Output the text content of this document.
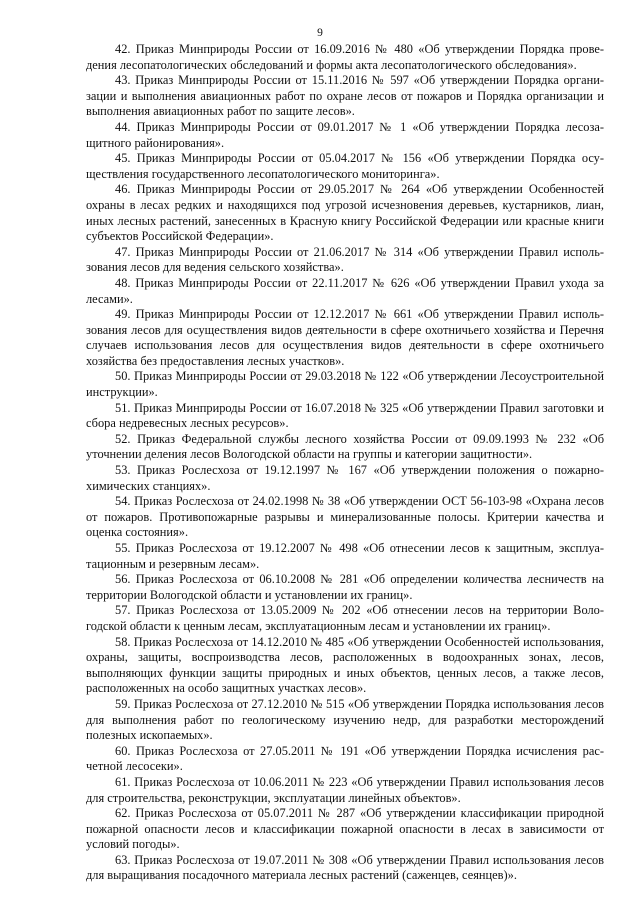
9

42. Приказ Минприроды России от 16.09.2016 № 480 «Об утверждении Порядка проведения лесопатологических обследований и формы акта лесопатологического обследования».

43. Приказ Минприроды России от 15.11.2016 № 597 «Об утверждении Порядка организации и выполнения авиационных работ по охране лесов от пожаров и Порядка организации и выполнения авиационных работ по защите лесов».

44. Приказ Минприроды России от 09.01.2017 № 1 «Об утверждении Порядка лесозащитного районирования».

45. Приказ Минприроды России от 05.04.2017 № 156 «Об утверждении Порядка осуществления государственного лесопатологического мониторинга».

46. Приказ Минприроды России от 29.05.2017 № 264 «Об утверждении Особенностей охраны в лесах редких и находящихся под угрозой исчезновения деревьев, кустарников, лиан, иных лесных растений, занесенных в Красную книгу Российской Федерации или красные книги субъектов Российской Федерации».

47. Приказ Минприроды России от 21.06.2017 № 314 «Об утверждении Правил использования лесов для ведения сельского хозяйства».

48. Приказ Минприроды России от 22.11.2017 № 626 «Об утверждении Правил ухода за лесами».

49. Приказ Минприроды России от 12.12.2017 № 661 «Об утверждении Правил использования лесов для осуществления видов деятельности в сфере охотничьего хозяйства и Перечня случаев использования лесов для осуществления видов деятельности в сфере охотничьего хозяйства без предоставления лесных участков».

50. Приказ Минприроды России от 29.03.2018 № 122 «Об утверждении Лесоустроительной инструкции».

51. Приказ Минприроды России от 16.07.2018 № 325 «Об утверждении Правил заготовки и сбора недревесных лесных ресурсов».

52. Приказ Федеральной службы лесного хозяйства России от 09.09.1993 № 232 «Об уточнении деления лесов Вологодской области на группы и категории защитности».

53. Приказ Рослесхоза от 19.12.1997 № 167 «Об утверждении положения о пожарнохимических станциях».

54. Приказ Рослесхоза от 24.02.1998 № 38 «Об утверждении ОСТ 56-103-98 «Охрана лесов от пожаров. Противопожарные разрывы и минерализованные полосы. Критерии качества и оценка состояния».

55. Приказ Рослесхоза от 19.12.2007 № 498 «Об отнесении лесов к защитным, эксплуатационным и резервным лесам».

56. Приказ Рослесхоза от 06.10.2008 № 281 «Об определении количества лесничеств на территории Вологодской области и установлении их границ».

57. Приказ Рослесхоза от 13.05.2009 № 202 «Об отнесении лесов на территории Вологодской области к ценным лесам, эксплуатационным лесам и установлении их границ».

58. Приказ Рослесхоза от 14.12.2010 № 485 «Об утверждении Особенностей использования, охраны, защиты, воспроизводства лесов, расположенных в водоохранных зонах, лесов, выполняющих функции защиты природных и иных объектов, ценных лесов, а также лесов, расположенных на особо защитных участках лесов».

59. Приказ Рослесхоза от 27.12.2010 № 515 «Об утверждении Порядка использования лесов для выполнения работ по геологическому изучению недр, для разработки месторождений полезных ископаемых».

60. Приказ Рослесхоза от 27.05.2011 № 191 «Об утверждении Порядка исчисления расчетной лесосеки».

61. Приказ Рослесхоза от 10.06.2011 № 223 «Об утверждении Правил использования лесов для строительства, реконструкции, эксплуатации линейных объектов».

62. Приказ Рослесхоза от 05.07.2011 № 287 «Об утверждении классификации природной пожарной опасности лесов и классификации пожарной опасности в лесах в зависимости от условий погоды».

63. Приказ Рослесхоза от 19.07.2011 № 308 «Об утверждении Правил использования лесов для выращивания посадочного материала лесных растений (саженцев, сеянцев)».
